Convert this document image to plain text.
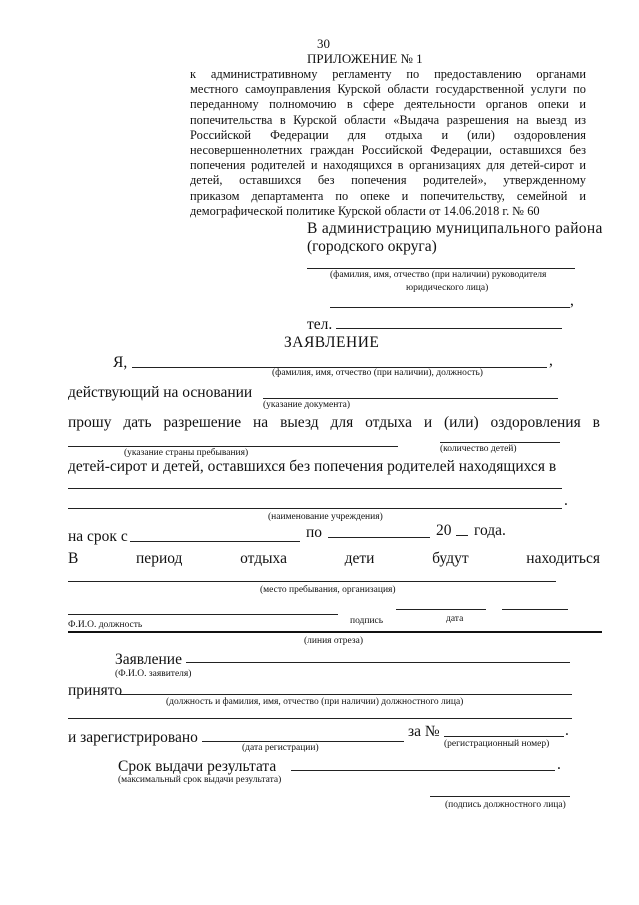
30
ПРИЛОЖЕНИЕ № 1
к административному регламенту по предоставлению органами
местного самоуправления Курской области государственной услуги по
переданному полномочию в сфере деятельности органов опеки и
попечительства в Курской области «Выдача разрешения на выезд из
Российской Федерации для отдыха и (или) оздоровления
несовершеннолетних граждан Российской Федерации, оставшихся без
попечения родителей и находящихся в организациях для детей-сирот и
детей, оставшихся без попечения родителей», утвержденному
приказом департамента по опеке и попечительству, семейной и
демографической политике Курской области от 14.06.2018 г. № 60
В администрацию муниципального района
(городского округа)
(фамилия, имя, отчество (при наличии) руководителя
юридического лица)
,
тел.
ЗАЯВЛЕНИЕ
Я,	,
(фамилия, имя, отчество (при наличии), должность)
действующий на основании
(указание документа)
прошу дать разрешение на выезд для отдыха и (или) оздоровления в
(указание страны пребывания)	(количество детей)
детей-сирот и детей, оставшихся без попечения родителей находящихся в
.
(наименование учреждения)
на срок с	по	20 года.
В	период	отдыха	дети	будут	находиться
(место пребывания, организация)
Ф.И.О. должность	подпись	дата
(линия отреза)
Заявление
(Ф.И.О. заявителя)
принято
(должность и фамилия, имя, отчество (при наличии) должностного лица)
и зарегистрировано	за №	.
(дата регистрации)	(регистрационный номер)
Срок выдачи результата	.
(максимальный срок выдачи результата)
(подпись должностного лица)
